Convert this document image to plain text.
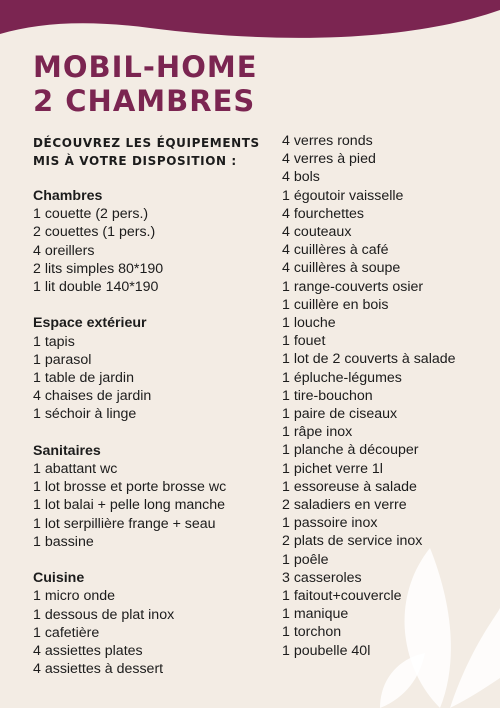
MOBIL-HOME
2 CHAMBRES
DÉCOUVREZ LES ÉQUIPEMENTS
MIS À VOTRE DISPOSITION :
Chambres
1 couette (2 pers.)
2 couettes (1 pers.)
4 oreillers
2 lits simples 80*190
1 lit double 140*190
Espace extérieur
1 tapis
1 parasol
1 table de jardin
4 chaises de jardin
1 séchoir à linge
Sanitaires
1 abattant wc
1 lot brosse et porte brosse wc
1 lot balai + pelle long manche
1 lot serpillière frange + seau
1 bassine
Cuisine
1 micro onde
1 dessous de plat inox
1 cafetière
4 assiettes plates
4 assiettes à dessert
4 verres ronds
4 verres à pied
4 bols
1 égoutoir vaisselle
4 fourchettes
4 couteaux
4 cuillères à café
4 cuillères à soupe
1 range-couverts osier
1 cuillère en bois
1 louche
1 fouet
1 lot de 2 couverts à salade
1 épluche-légumes
1 tire-bouchon
1 paire de ciseaux
1 râpe inox
1 planche à découper
1 pichet verre 1l
1 essoreuse à salade
2 saladiers en verre
1 passoire inox
2 plats de service inox
1 poêle
3 casseroles
1 faitout+couvercle
1 manique
1 torchon
1 poubelle 40l
